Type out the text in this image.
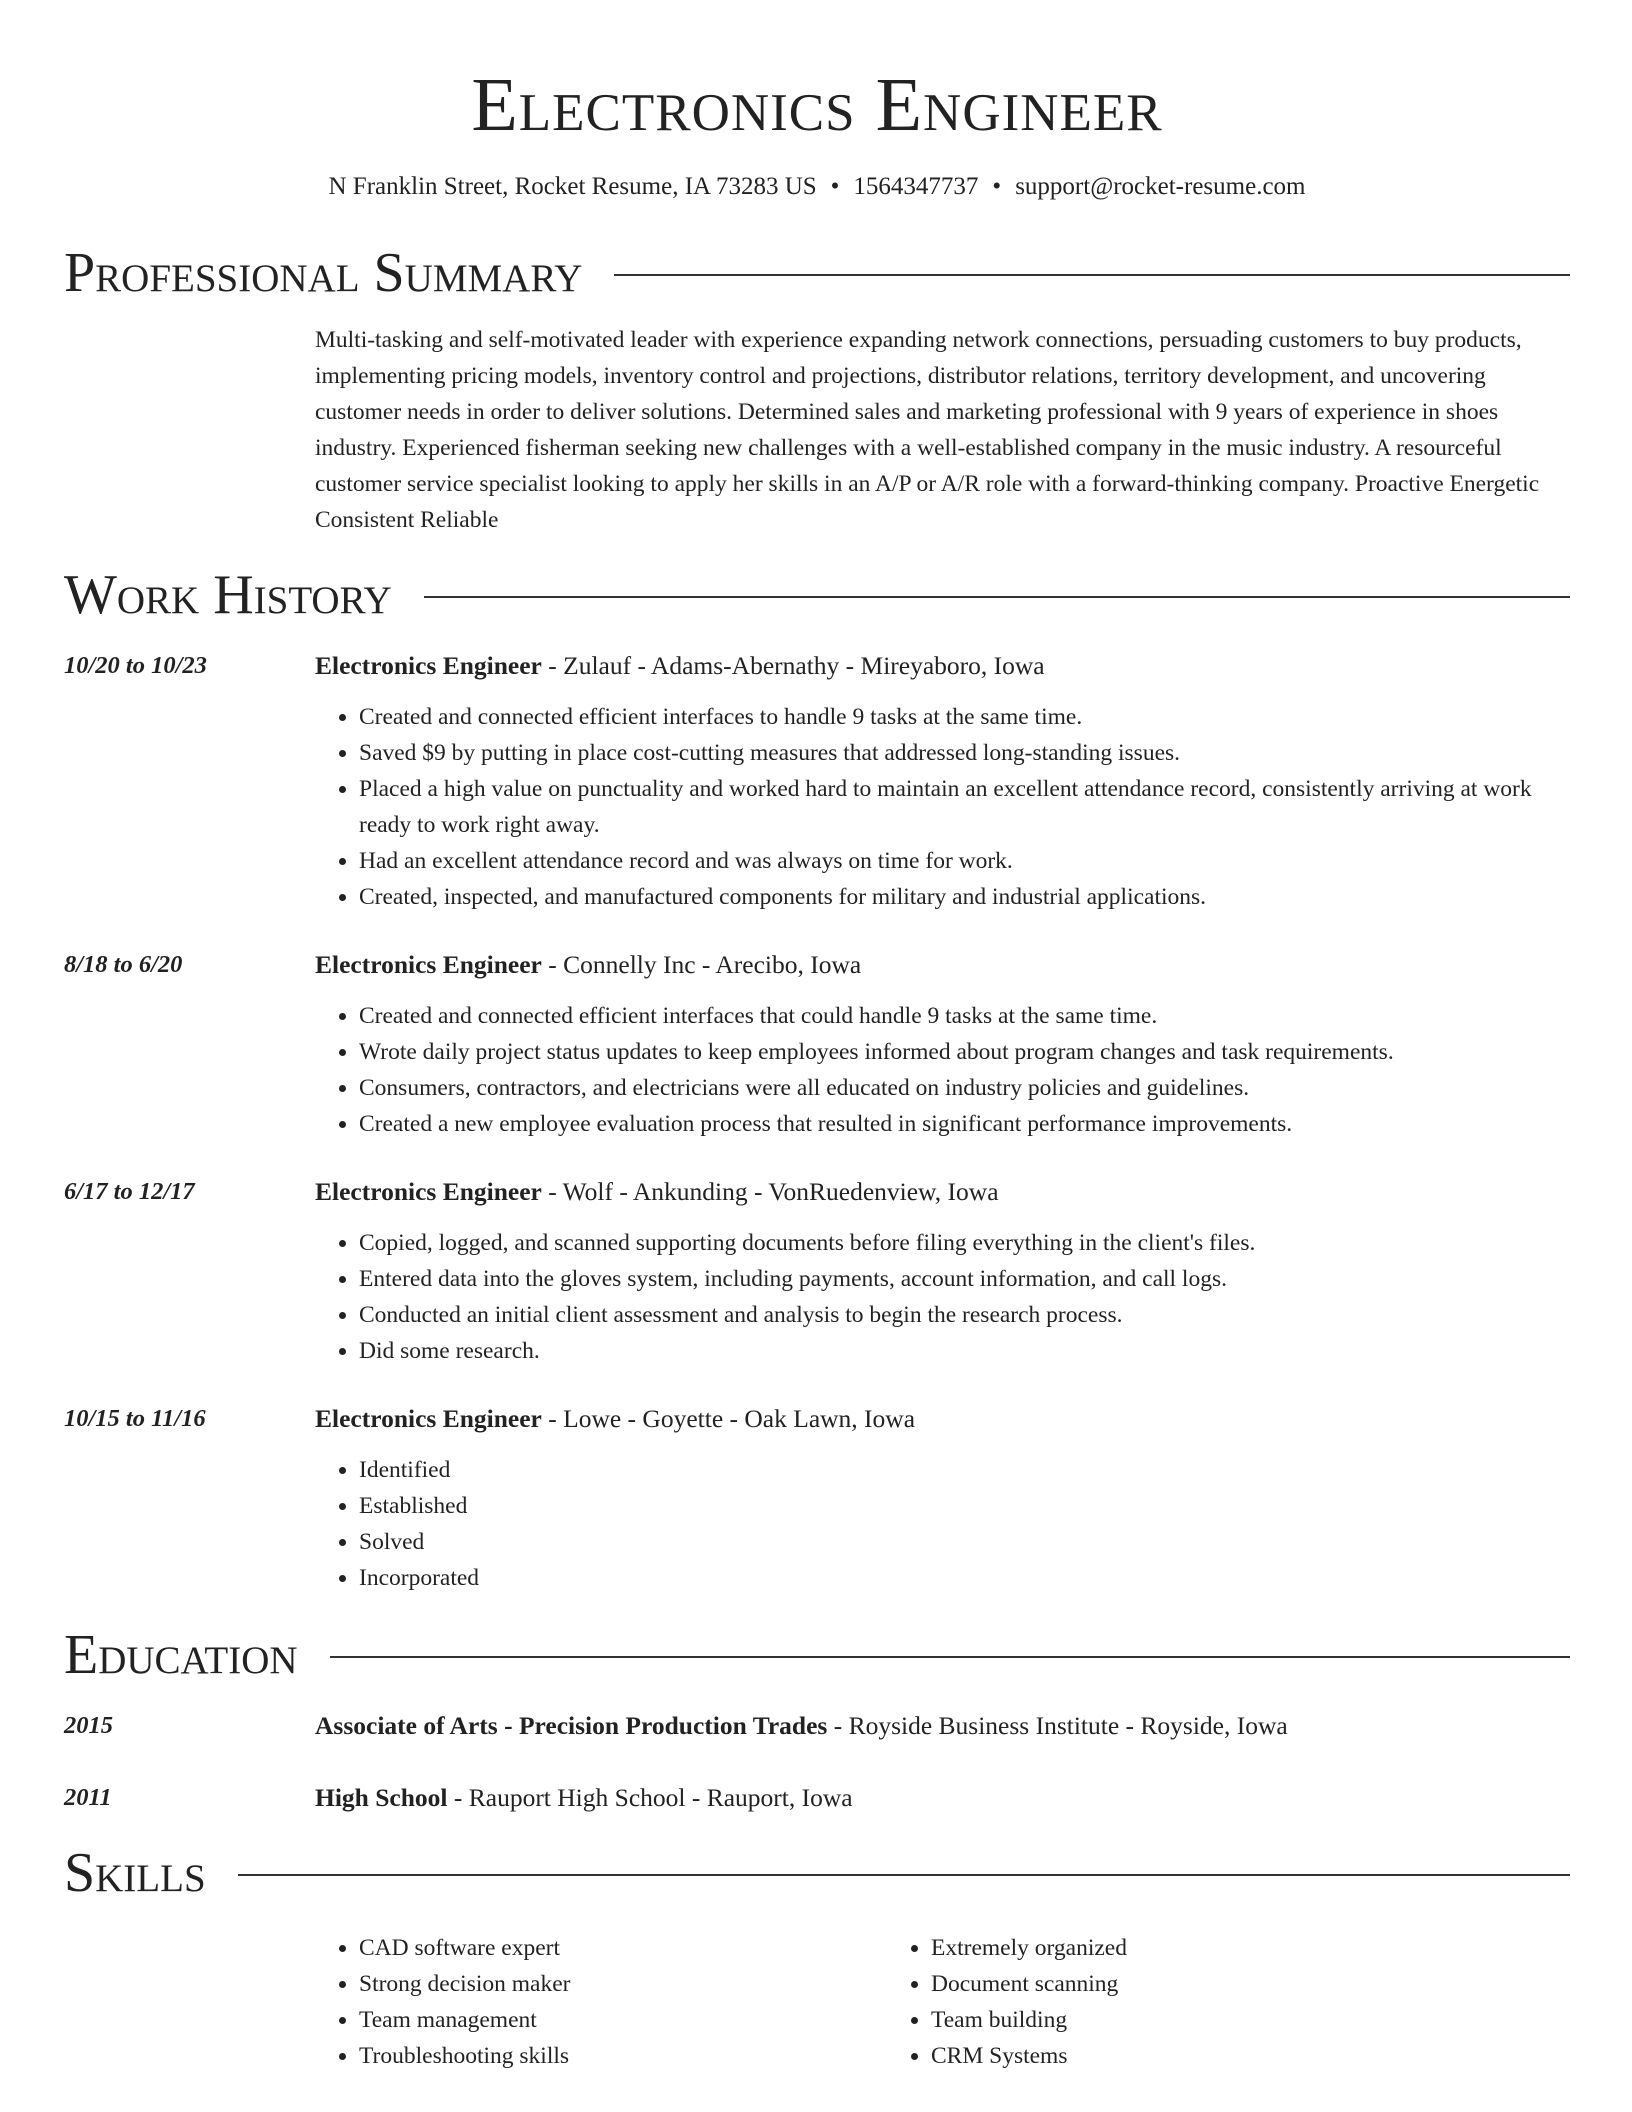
Electronics Engineer
N Franklin Street, Rocket Resume, IA 73283 US • 1564347737 • support@rocket-resume.com
Professional Summary
Multi-tasking and self-motivated leader with experience expanding network connections, persuading customers to buy products, implementing pricing models, inventory control and projections, distributor relations, territory development, and uncovering customer needs in order to deliver solutions. Determined sales and marketing professional with 9 years of experience in shoes industry. Experienced fisherman seeking new challenges with a well-established company in the music industry. A resourceful customer service specialist looking to apply her skills in an A/P or A/R role with a forward-thinking company. Proactive Energetic Consistent Reliable
Work History
10/20 to 10/23	Electronics Engineer - Zulauf - Adams-Abernathy - Mireyaboro, Iowa
• Created and connected efficient interfaces to handle 9 tasks at the same time.
• Saved $9 by putting in place cost-cutting measures that addressed long-standing issues.
• Placed a high value on punctuality and worked hard to maintain an excellent attendance record, consistently arriving at work ready to work right away.
• Had an excellent attendance record and was always on time for work.
• Created, inspected, and manufactured components for military and industrial applications.
8/18 to 6/20	Electronics Engineer - Connelly Inc - Arecibo, Iowa
• Created and connected efficient interfaces that could handle 9 tasks at the same time.
• Wrote daily project status updates to keep employees informed about program changes and task requirements.
• Consumers, contractors, and electricians were all educated on industry policies and guidelines.
• Created a new employee evaluation process that resulted in significant performance improvements.
6/17 to 12/17	Electronics Engineer - Wolf - Ankunding - VonRuedenview, Iowa
• Copied, logged, and scanned supporting documents before filing everything in the client's files.
• Entered data into the gloves system, including payments, account information, and call logs.
• Conducted an initial client assessment and analysis to begin the research process.
• Did some research.
10/15 to 11/16	Electronics Engineer - Lowe - Goyette - Oak Lawn, Iowa
• Identified
• Established
• Solved
• Incorporated
Education
2015	Associate of Arts - Precision Production Trades - Royside Business Institute - Royside, Iowa
2011	High School - Rauport High School - Rauport, Iowa
Skills
• CAD software expert
• Strong decision maker
• Team management
• Troubleshooting skills
• Extremely organized
• Document scanning
• Team building
• CRM Systems
